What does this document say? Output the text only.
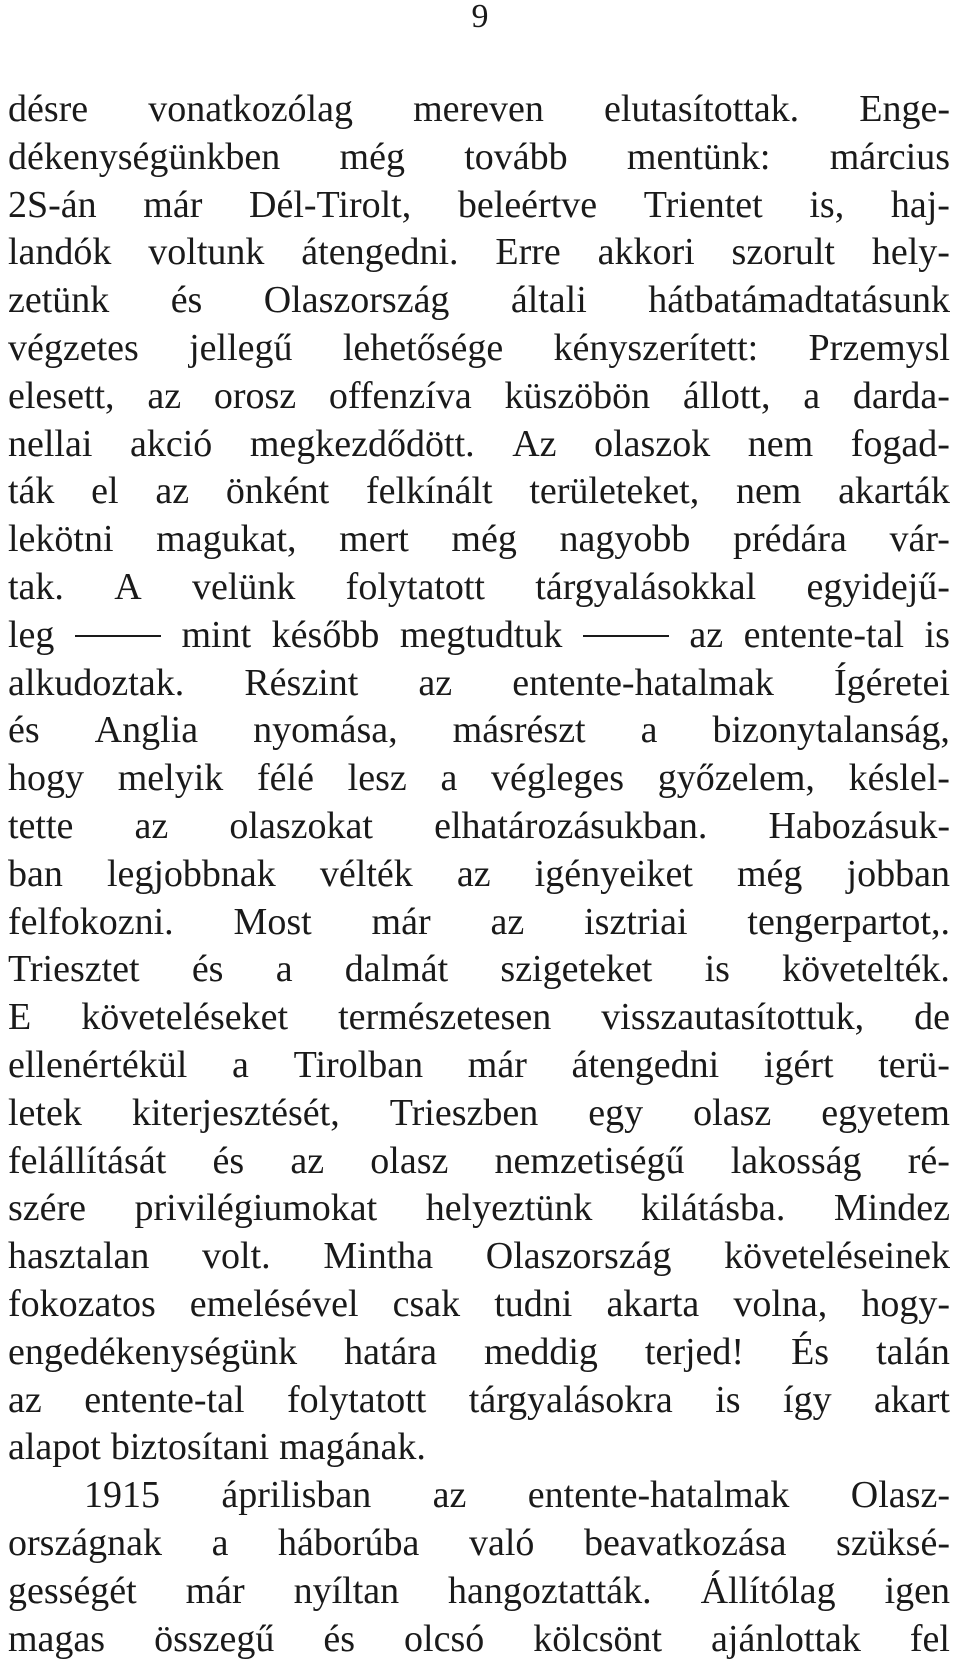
9
désre vonatkozólag mereven elutasítottak. Enge-
dékenységünkben még tovább mentünk: március
2S-án már Dél-Tirolt, beleértve Trientet is, haj-
landók voltunk átengedni. Erre akkori szorult hely-
zetünk és Olaszország általi hátbatámadtatásunk
végzetes jellegű lehetősége kényszerített: Przemysl
elesett, az orosz offenzíva küszöbön állott, a darda-
nellai akció megkezdődött. Az olaszok nem fogad-
ták el az önként felkínált területeket, nem akarták
lekötni magukat, mert még nagyobb prédára vár-
tak. A velünk folytatott tárgyalásokkal egyidejű-
leg	mint később megtudtuk	az entente-tal is
alkudoztak. Részint az entente-hatalmak Ígéretei
és Anglia nyomása, másrészt a bizonytalanság,
hogy melyik félé lesz a végleges győzelem, késlel-
tette az olaszokat elhatározásukban. Habozásuk-
ban legjobbnak vélték az igényeiket még jobban
felfokozni. Most már az isztriai tengerpartot,.
Triesztet és a dalmát szigeteket is követelték.
E követeléseket természetesen visszautasítottuk, de
ellenértékül a Tirolban már átengedni igért terü-
letek kiterjesztését, Trieszben egy olasz egyetem
felállítását és az olasz nemzetiségű lakosság ré-
szére privilégiumokat helyeztünk kilátásba. Mindez
hasztalan volt. Mintha Olaszország követeléseinek
fokozatos emelésével csak tudni akarta volna, hogy-
engedékenységünk határa meddig terjed! És talán
az entente-tal folytatott tárgyalásokra is így akart
alapot biztosítani magának.
1915 áprilisban az entente-hatalmak Olasz-
országnak a háborúba való beavatkozása szüksé-
gességét már nyíltan hangoztatták. Állítólag igen
magas összegű és olcsó kölcsönt ajánlottak fel
